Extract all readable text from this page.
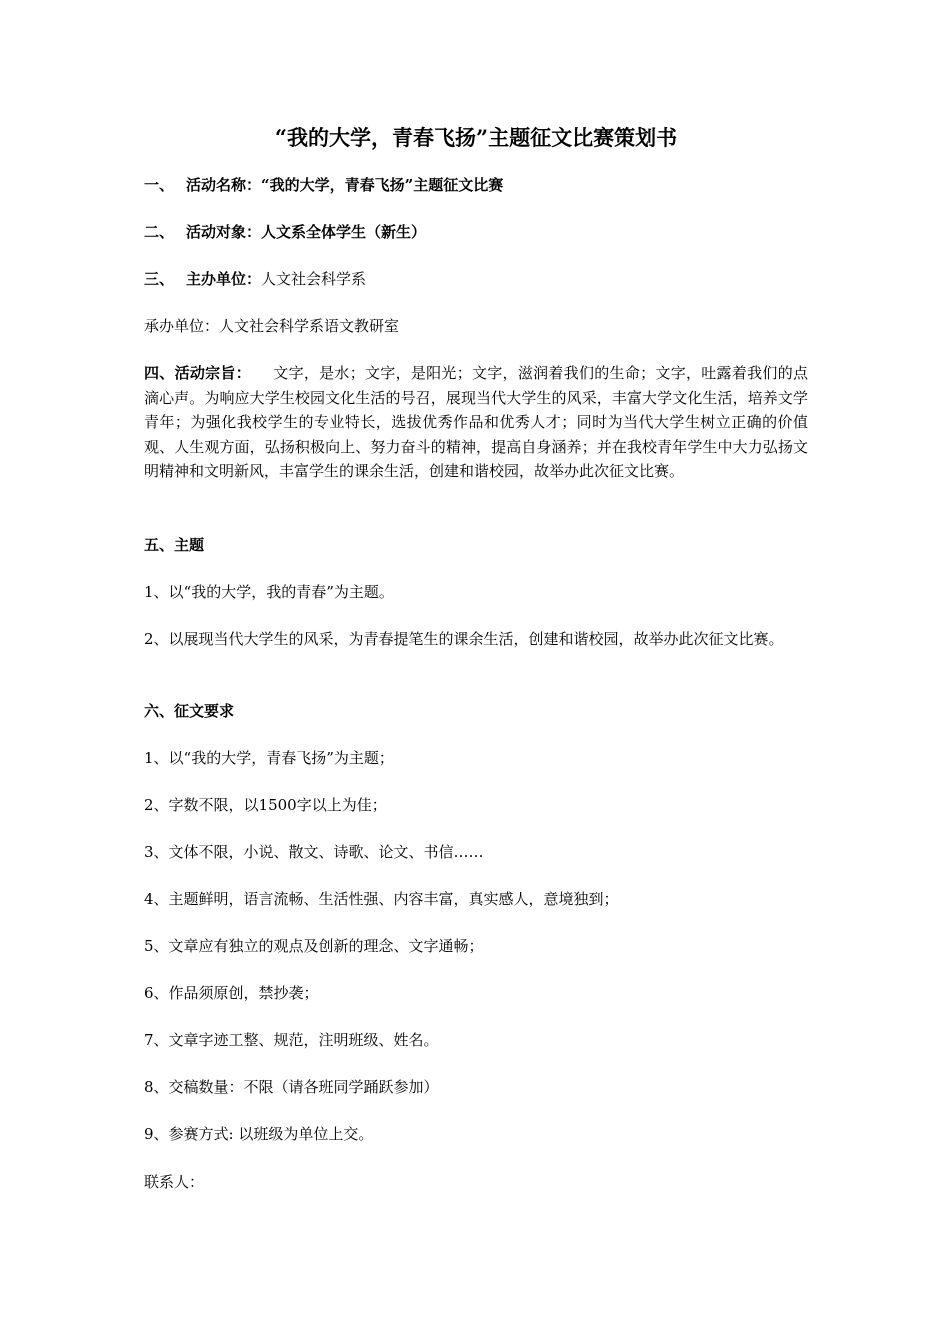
“我的大学，青春飞扬”主题征文比赛策划书
一、 活动名称：“我的大学，青春飞扬”主题征文比赛
二、 活动对象：人文系全体学生（新生）
三、 主办单位：人文社会科学系
承办单位：人文社会科学系语文教研室
四、活动宗旨： 文字，是水；文字，是阳光；文字，滋润着我们的生命；文字，吐露着我们的点滴心声。为响应大学生校园文化生活的号召，展现当代大学生的风采，丰富大学文化生活，培养文学青年；为强化我校学生的专业特长，选拔优秀作品和优秀人才；同时为当代大学生树立正确的价值观、人生观方面，弘扬积极向上、努力奋斗的精神，提高自身涵养；并在我校青年学生中大力弘扬文明精神和文明新风，丰富学生的课余生活，创建和谐校园，故举办此次征文比赛。
五、主题
1、以“我的大学，我的青春”为主题。
2、以展现当代大学生的风采，为青春提笔生的课余生活，创建和谐校园，故举办此次征文比赛。
六、征文要求
1、以“我的大学，青春飞扬”为主题；
2、字数不限，以1500字以上为佳；
3、文体不限，小说、散文、诗歌、论文、书信……
4、主题鲜明，语言流畅、生活性强、内容丰富，真实感人，意境独到；
5、文章应有独立的观点及创新的理念、文字通畅；
6、作品须原创，禁抄袭；
7、文章字迹工整、规范，注明班级、姓名。
8、交稿数量：不限（请各班同学踊跃参加）
9、参赛方式: 以班级为单位上交。
联系人：
